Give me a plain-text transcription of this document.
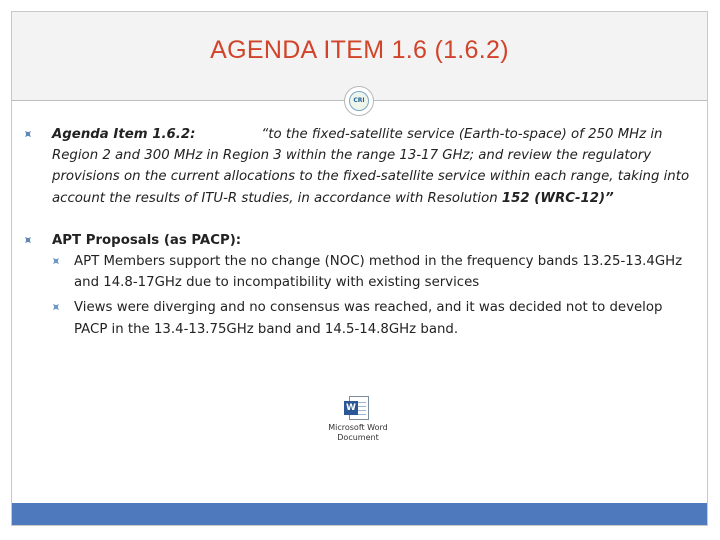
AGENDA ITEM 1.6 (1.6.2)
CRI
⯍ Agenda Item 1.6.2:	“to the fixed-satellite service (Earth-to-space) of 250 MHz in Region 2 and 300 MHz in Region 3 within the range 13-17 GHz; and review the regulatory provisions on the current allocations to the fixed-satellite service within each range, taking into account the results of ITU‑R studies, in accordance with Resolution 152 (WRC‑12)”
⯍ APT Proposals (as PACP):
⯍ APT Members support the no change (NOC) method in the frequency bands 13.25-13.4GHz and 14.8-17GHz due to incompatibility with existing services
⯍ Views were diverging and no consensus was reached, and it was decided not to develop PACP in the 13.4-13.75GHz band and 14.5-14.8GHz band.
W
Microsoft Word
Document
